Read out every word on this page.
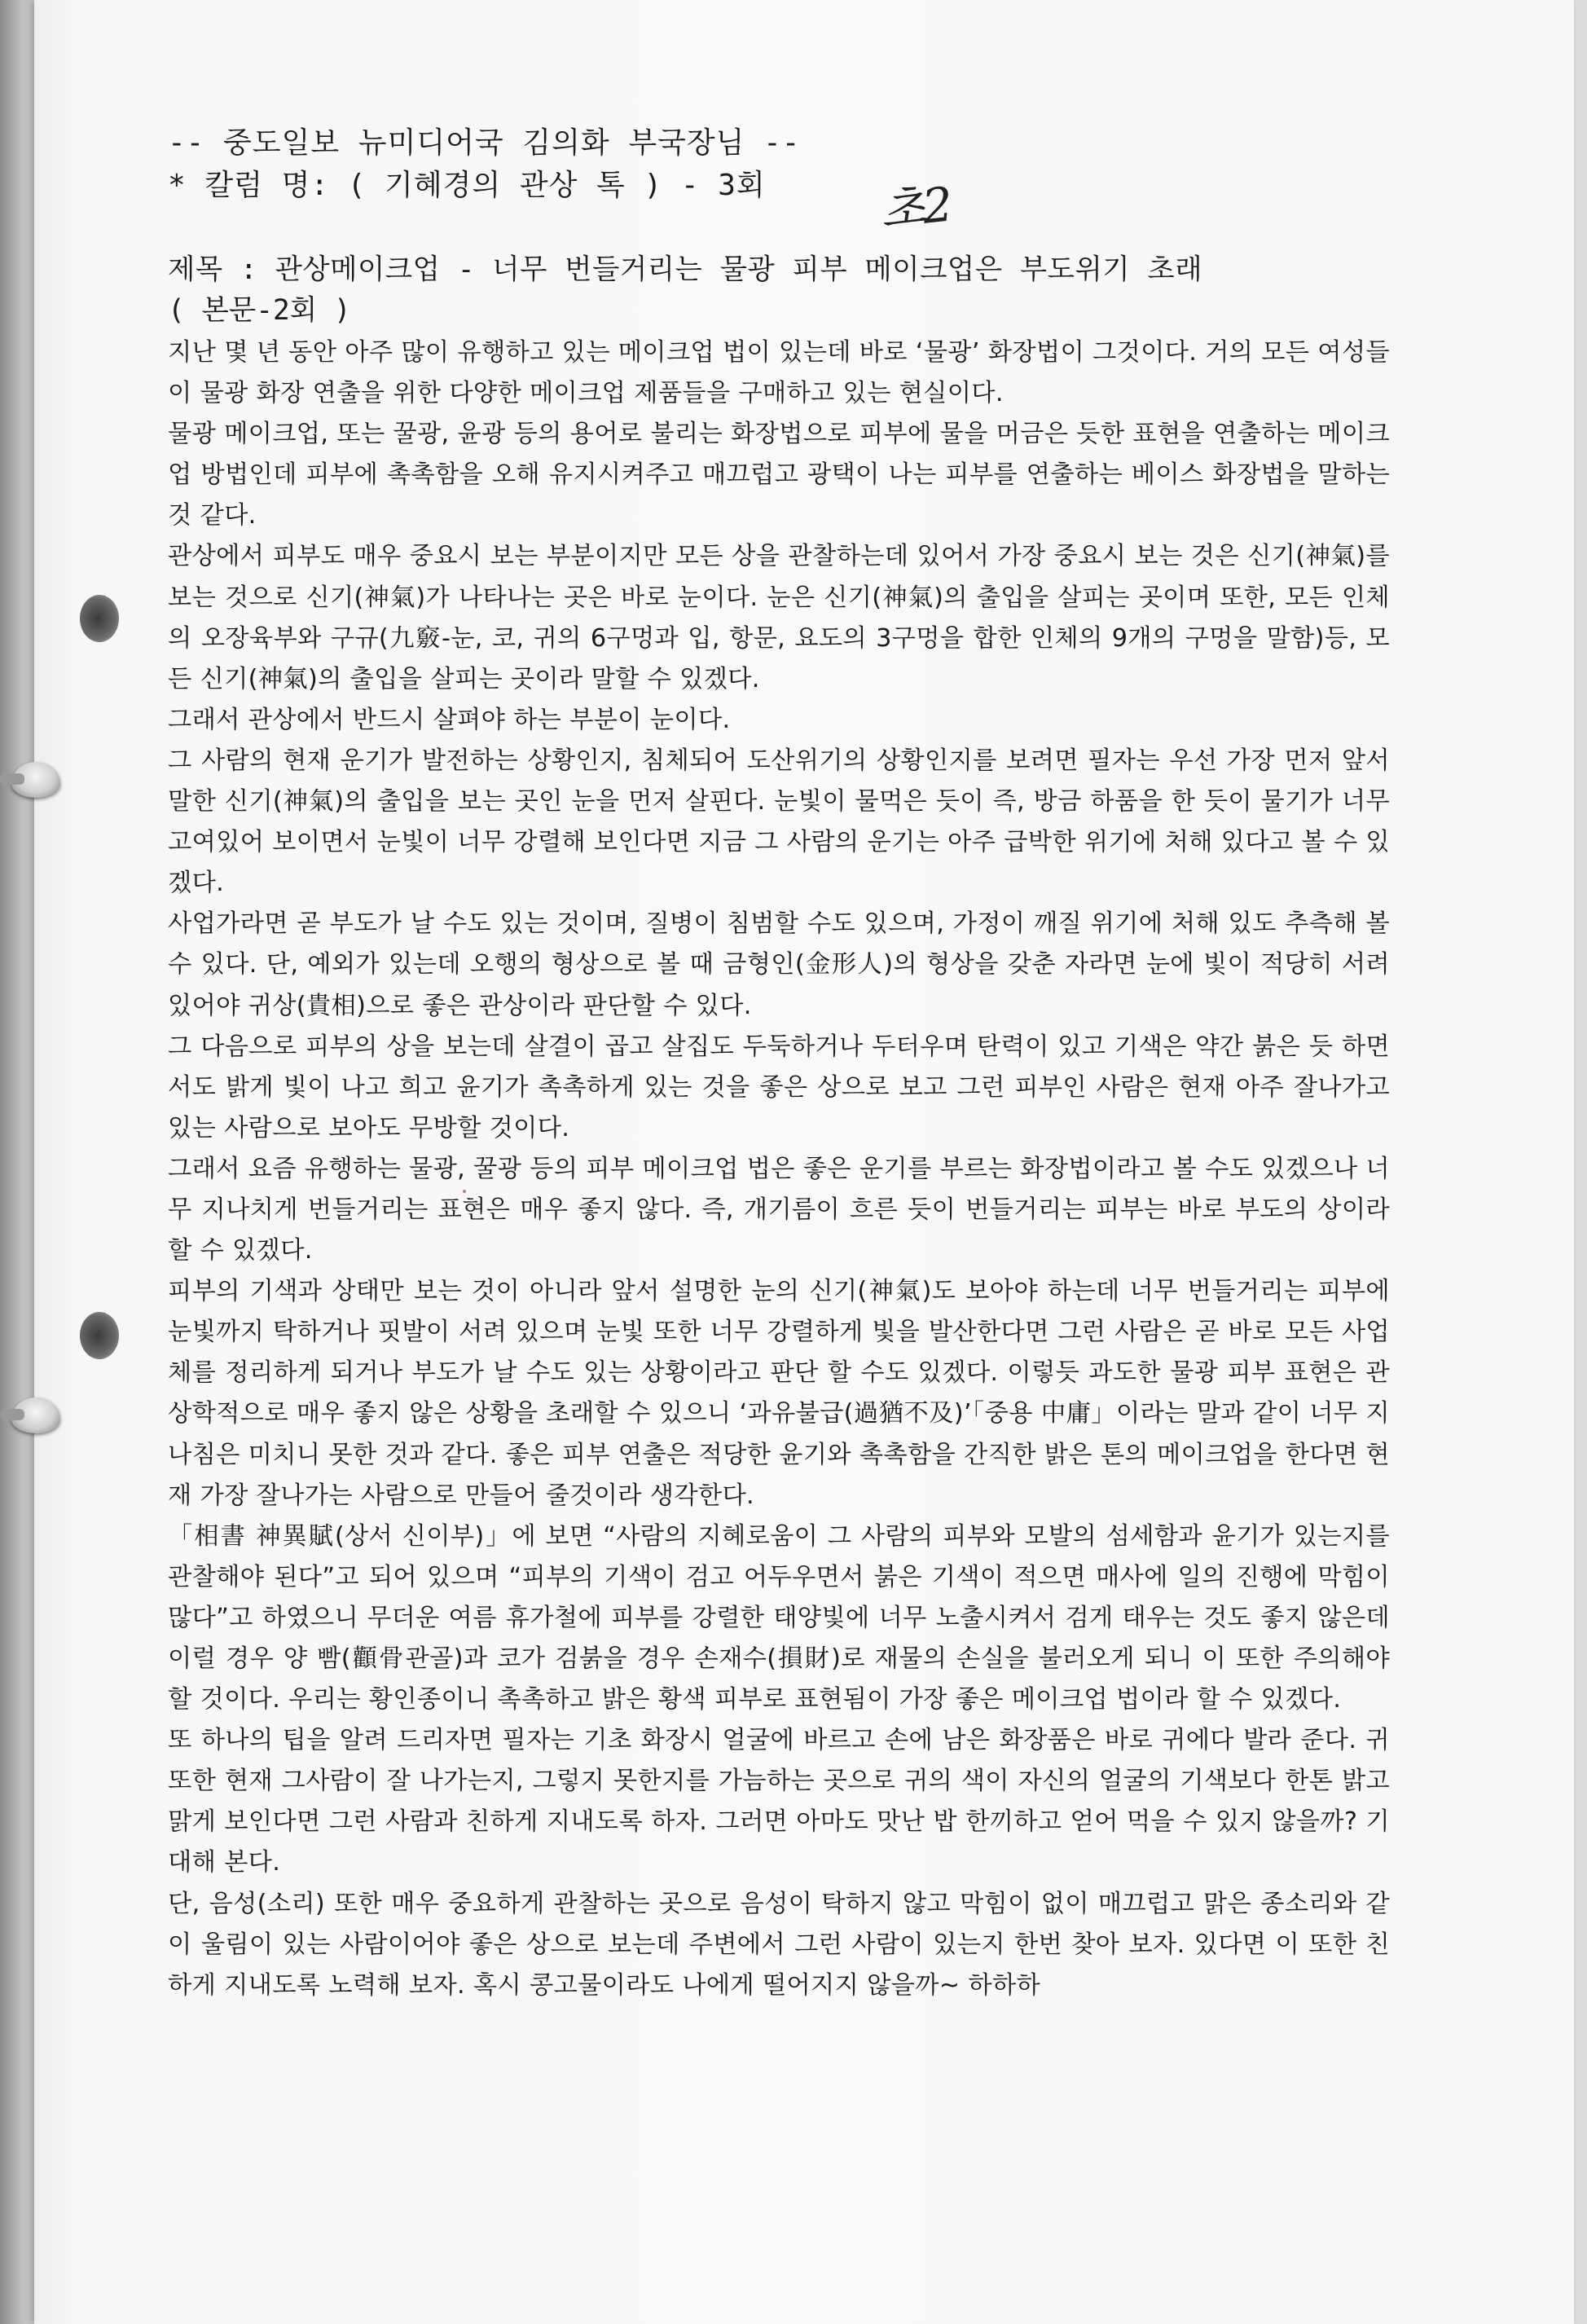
-- 중도일보 뉴미디어국 김의화 부국장님 --
* 칼럼 명: ( 기혜경의 관상 톡 ) - 3회
제목 : 관상메이크업 - 너무 번들거리는 물광 피부 메이크업은 부도위기 초래
( 본문-2회 )

지난 몇 년 동안 아주 많이 유행하고 있는 메이크업 법이 있는데 바로 ‘물광’ 화장법이 그것이다. 거의 모든 여성들이 물광 화장 연출을 위한 다양한 메이크업 제품들을 구매하고 있는 현실이다.

물광 메이크업, 또는 꿀광, 윤광 등의 용어로 불리는 화장법으로 피부에 물을 머금은 듯한 표현을 연출하는 메이크업 방법인데 피부에 촉촉함을 오해 유지시켜주고 매끄럽고 광택이 나는 피부를 연출하는 베이스 화장법을 말하는 것 같다.

관상에서 피부도 매우 중요시 보는 부분이지만 모든 상을 관찰하는데 있어서 가장 중요시 보는 것은 신기(神氣)를 보는 것으로 신기(神氣)가 나타나는 곳은 바로 눈이다. 눈은 신기(神氣)의 출입을 살피는 곳이며 또한, 모든 인체의 오장육부와 구규(九竅-눈, 코, 귀의 6구멍과 입, 항문, 요도의 3구멍을 합한 인체의 9개의 구멍을 말함)등, 모든 신기(神氣)의 출입을 살피는 곳이라 말할 수 있겠다.

그래서 관상에서 반드시 살펴야 하는 부분이 눈이다.

그 사람의 현재 운기가 발전하는 상황인지, 침체되어 도산위기의 상황인지를 보려면 필자는 우선 가장 먼저 앞서 말한 신기(神氣)의 출입을 보는 곳인 눈을 먼저 살핀다. 눈빛이 물먹은 듯이 즉, 방금 하품을 한 듯이 물기가 너무 고여있어 보이면서 눈빛이 너무 강렬해 보인다면 지금 그 사람의 운기는 아주 급박한 위기에 처해 있다고 볼 수 있겠다.

사업가라면 곧 부도가 날 수도 있는 것이며, 질병이 침범할 수도 있으며, 가정이 깨질 위기에 처해 있도 추측해 볼 수 있다. 단, 예외가 있는데 오행의 형상으로 볼 때 금형인(金形人)의 형상을 갖춘 자라면 눈에 빛이 적당히 서려 있어야 귀상(貴相)으로 좋은 관상이라 판단할 수 있다.

그 다음으로 피부의 상을 보는데 살결이 곱고 살집도 두둑하거나 두터우며 탄력이 있고 기색은 약간 붉은 듯 하면서도 밝게 빛이 나고 희고 윤기가 촉촉하게 있는 것을 좋은 상으로 보고 그런 피부인 사람은 현재 아주 잘나가고 있는 사람으로 보아도 무방할 것이다.

그래서 요즘 유행하는 물광, 꿀광 등의 피부 메이크업 법은 좋은 운기를 부르는 화장법이라고 볼 수도 있겠으나 너무 지나치게 번들거리는 표현은 매우 좋지 않다. 즉, 개기름이 흐른 듯이 번들거리는 피부는 바로 부도의 상이라 할 수 있겠다.

피부의 기색과 상태만 보는 것이 아니라 앞서 설명한 눈의 신기(神氣)도 보아야 하는데 너무 번들거리는 피부에 눈빛까지 탁하거나 핏발이 서려 있으며 눈빛 또한 너무 강렬하게 빛을 발산한다면 그런 사람은 곧 바로 모든 사업체를 정리하게 되거나 부도가 날 수도 있는 상황이라고 판단 할 수도 있겠다. 이렇듯 과도한 물광 피부 표현은 관상학적으로 매우 좋지 않은 상황을 초래할 수 있으니 ‘과유불급(過猶不及)’「중용 中庸」이라는 말과 같이 너무 지나침은 미치니 못한 것과 같다. 좋은 피부 연출은 적당한 윤기와 촉촉함을 간직한 밝은 톤의 메이크업을 한다면 현재 가장 잘나가는 사람으로 만들어 줄것이라 생각한다.

「相書 神異賦(상서 신이부)」에 보면 “사람의 지혜로움이 그 사람의 피부와 모발의 섬세함과 윤기가 있는지를 관찰해야 된다”고 되어 있으며 “피부의 기색이 검고 어두우면서 붉은 기색이 적으면 매사에 일의 진행에 막힘이 많다”고 하였으니 무더운 여름 휴가철에 피부를 강렬한 태양빛에 너무 노출시켜서 검게 태우는 것도 좋지 않은데 이럴 경우 양 빰(顴骨관골)과 코가 검붉을 경우 손재수(損財)로 재물의 손실을 불러오게 되니 이 또한 주의해야 할 것이다. 우리는 황인종이니 촉촉하고 밝은 황색 피부로 표현됨이 가장 좋은 메이크업 법이라 할 수 있겠다.

또 하나의 팁을 알려 드리자면 필자는 기초 화장시 얼굴에 바르고 손에 남은 화장품은 바로 귀에다 발라 준다. 귀 또한 현재 그사람이 잘 나가는지, 그렇지 못한지를 가늠하는 곳으로 귀의 색이 자신의 얼굴의 기색보다 한톤 밝고 맑게 보인다면 그런 사람과 친하게 지내도록 하자. 그러면 아마도 맛난 밥 한끼하고 얻어 먹을 수 있지 않을까? 기대해 본다.

단, 음성(소리) 또한 매우 중요하게 관찰하는 곳으로 음성이 탁하지 않고 막힘이 없이 매끄럽고 맑은 종소리와 같이 울림이 있는 사람이어야 좋은 상으로 보는데 주변에서 그런 사람이 있는지 한번 찾아 보자. 있다면 이 또한 친하게 지내도록 노력해 보자. 혹시 콩고물이라도 나에게 떨어지지 않을까~ 하하하

초2
